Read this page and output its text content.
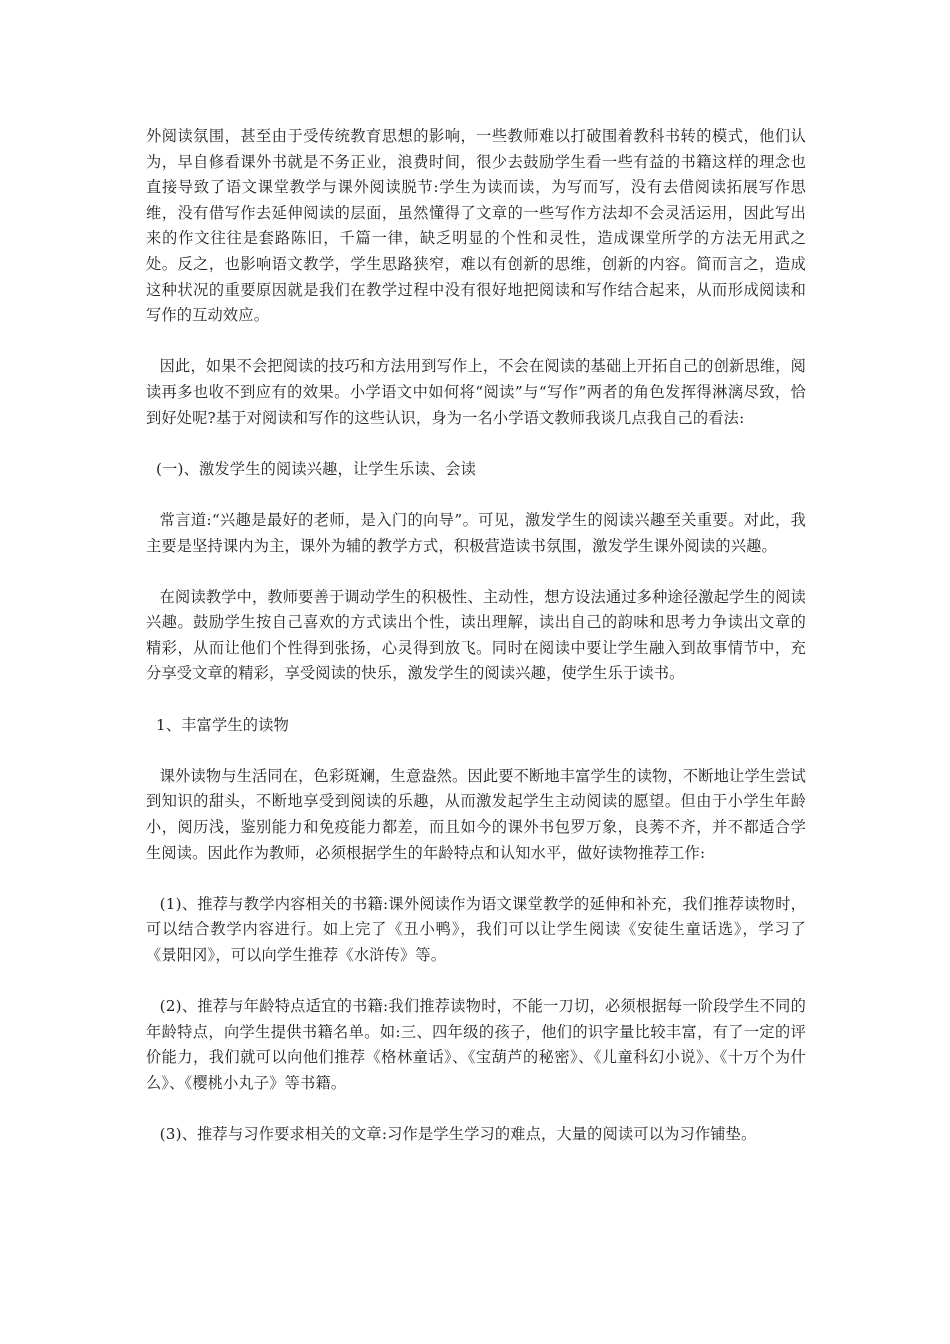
外阅读氛围，甚至由于受传统教育思想的影响，一些教师难以打破围着教科书转的模式，他们认为，早自修看课外书就是不务正业，浪费时间，很少去鼓励学生看一些有益的书籍这样的理念也直接导致了语文课堂教学与课外阅读脱节:学生为读而读，为写而写，没有去借阅读拓展写作思维，没有借写作去延伸阅读的层面，虽然懂得了文章的一些写作方法却不会灵活运用，因此写出来的作文往往是套路陈旧，千篇一律，缺乏明显的个性和灵性，造成课堂所学的方法无用武之处。反之，也影响语文教学，学生思路狭窄，难以有创新的思维，创新的内容。简而言之，造成这种状况的重要原因就是我们在教学过程中没有很好地把阅读和写作结合起来，从而形成阅读和写作的互动效应。

因此，如果不会把阅读的技巧和方法用到写作上，不会在阅读的基础上开拓自己的创新思维，阅读再多也收不到应有的效果。小学语文中如何将“阅读”与“写作”两者的角色发挥得淋漓尽致，恰到好处呢?基于对阅读和写作的这些认识，身为一名小学语文教师我谈几点我自己的看法:

(一)、激发学生的阅读兴趣，让学生乐读、会读

常言道:“兴趣是最好的老师，是入门的向导”。可见，激发学生的阅读兴趣至关重要。对此，我主要是坚持课内为主，课外为辅的教学方式，积极营造读书氛围，激发学生课外阅读的兴趣。

在阅读教学中，教师要善于调动学生的积极性、主动性，想方设法通过多种途径激起学生的阅读兴趣。鼓励学生按自己喜欢的方式读出个性，读出理解，读出自己的韵味和思考力争读出文章的精彩，从而让他们个性得到张扬，心灵得到放飞。同时在阅读中要让学生融入到故事情节中，充分享受文章的精彩，享受阅读的快乐，激发学生的阅读兴趣，使学生乐于读书。

1、丰富学生的读物

课外读物与生活同在，色彩斑斓，生意盎然。因此要不断地丰富学生的读物，不断地让学生尝试到知识的甜头，不断地享受到阅读的乐趣，从而激发起学生主动阅读的愿望。但由于小学生年龄小，阅历浅，鉴别能力和免疫能力都差，而且如今的课外书包罗万象，良莠不齐，并不都适合学生阅读。因此作为教师，必须根据学生的年龄特点和认知水平，做好读物推荐工作:

(1)、推荐与教学内容相关的书籍:课外阅读作为语文课堂教学的延伸和补充，我们推荐读物时，可以结合教学内容进行。如上完了《丑小鸭》，我们可以让学生阅读《安徒生童话选》，学习了《景阳冈》，可以向学生推荐《水浒传》等。

(2)、推荐与年龄特点适宜的书籍:我们推荐读物时，不能一刀切，必须根据每一阶段学生不同的年龄特点，向学生提供书籍名单。如:三、四年级的孩子，他们的识字量比较丰富，有了一定的评价能力，我们就可以向他们推荐《格林童话》、《宝葫芦的秘密》、《儿童科幻小说》、《十万个为什么》、《樱桃小丸子》等书籍。

(3)、推荐与习作要求相关的文章:习作是学生学习的难点，大量的阅读可以为习作铺垫。
